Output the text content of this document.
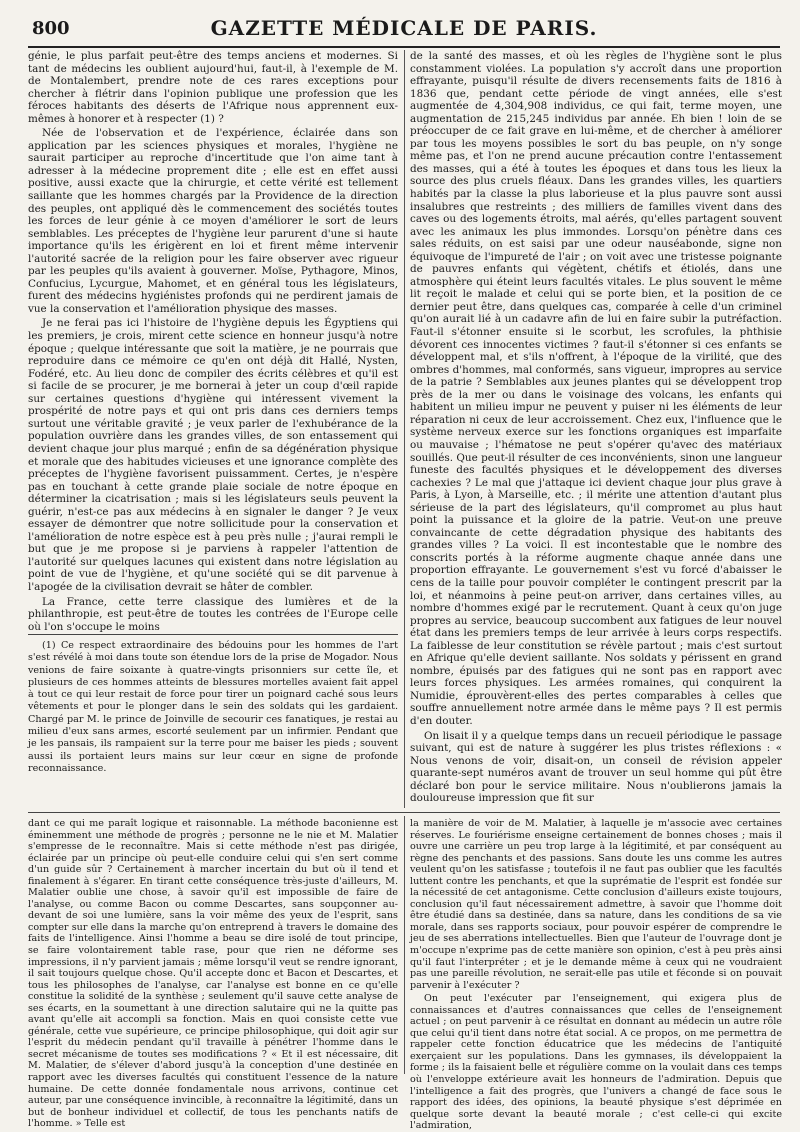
800	GAZETTE MÉDICALE DE PARIS.

génie, le plus parfait peut-être des temps anciens et modernes. Si tant de médecins les oublient aujourd'hui, faut-il, à l'exemple de M. de Montalembert, prendre note de ces rares exceptions pour chercher à flétrir dans l'opinion publique une profession que les féroces habitants des déserts de l'Afrique nous apprennent eux-mêmes à honorer et à respecter (1) ?

Née de l'observation et de l'expérience, éclairée dans son application par les sciences physiques et morales, l'hygiène ne saurait participer au reproche d'incertitude que l'on aime tant à adresser à la médecine proprement dite ; elle est en effet aussi positive, aussi exacte que la chirurgie, et cette vérité est tellement saillante que les hommes chargés par la Providence de la direction des peuples, ont appliqué dès le commencement des sociétés toutes les forces de leur génie à ce moyen d'améliorer le sort de leurs semblables. Les préceptes de l'hygiène leur parurent d'une si haute importance qu'ils les érigèrent en loi et firent même intervenir l'autorité sacrée de la religion pour les faire observer avec rigueur par les peuples qu'ils avaient à gouverner. Moïse, Pythagore, Minos, Confucius, Lycurgue, Mahomet, et en général tous les législateurs, furent des médecins hygiénistes profonds qui ne perdirent jamais de vue la conservation et l'amélioration physique des masses.

Je ne ferai pas ici l'histoire de l'hygiène depuis les Égyptiens qui les premiers, je crois, mirent cette science en honneur jusqu'à notre époque ; quelque intéressante que soit la matière, je ne pourrais que reproduire dans ce mémoire ce qu'en ont déjà dit Hallé, Nysten, Fodéré, etc. Au lieu donc de compiler des écrits célèbres et qu'il est si facile de se procurer, je me bornerai à jeter un coup d'œil rapide sur certaines questions d'hygiène qui intéressent vivement la prospérité de notre pays et qui ont pris dans ces derniers temps surtout une véritable gravité ; je veux parler de l'exhubérance de la population ouvrière dans les grandes villes, de son entassement qui devient chaque jour plus marqué ; enfin de sa dégénération physique et morale que des habitudes vicieuses et une ignorance complète des préceptes de l'hygiène favorisent puissamment. Certes, je n'espère pas en touchant à cette grande plaie sociale de notre époque en déterminer la cicatrisation ; mais si les législateurs seuls peuvent la guérir, n'est-ce pas aux médecins à en signaler le danger ? Je veux essayer de démontrer que notre sollicitude pour la conservation et l'amélioration de notre espèce est à peu près nulle ; j'aurai rempli le but que je me propose si je parviens à rappeler l'attention de l'autorité sur quelques lacunes qui existent dans notre législation au point de vue de l'hygiène, et qu'une société qui se dit parvenue à l'apogée de la civilisation devrait se hâter de combler.

La France, cette terre classique des lumières et de la philanthropie, est peut-être de toutes les contrées de l'Europe celle où l'on s'occupe le moins

(1) Ce respect extraordinaire des bédouins pour les hommes de l'art s'est révélé à moi dans toute son étendue lors de la prise de Mogador. Nous venions de faire soixante à quatre-vingts prisonniers sur cette île, et plusieurs de ces hommes atteints de blessures mortelles avaient fait appel à tout ce qui leur restait de force pour tirer un poignard caché sous leurs vêtements et pour le plonger dans le sein des soldats qui les gardaient. Chargé par M. le prince de Joinville de secourir ces fanatiques, je restai au milieu d'eux sans armes, escorté seulement par un infirmier. Pendant que je les pansais, ils rampaient sur la terre pour me baiser les pieds ; souvent aussi ils portaient leurs mains sur leur cœur en signe de profonde reconnaissance.

de la santé des masses, et où les règles de l'hygiène sont le plus constamment violées. La population s'y accroît dans une proportion effrayante, puisqu'il résulte de divers recensements faits de 1816 à 1836 que, pendant cette période de vingt années, elle s'est augmentée de 4,304,908 individus, ce qui fait, terme moyen, une augmentation de 215,245 individus par année. Eh bien ! loin de se préoccuper de ce fait grave en lui-même, et de chercher à améliorer par tous les moyens possibles le sort du bas peuple, on n'y songe même pas, et l'on ne prend aucune précaution contre l'entassement des masses, qui a été à toutes les époques et dans tous les lieux la source des plus cruels fléaux. Dans les grandes villes, les quartiers habités par la classe la plus laborieuse et la plus pauvre sont aussi insalubres que restreints ; des milliers de familles vivent dans des caves ou des logements étroits, mal aérés, qu'elles partagent souvent avec les animaux les plus immondes. Lorsqu'on pénètre dans ces sales réduits, on est saisi par une odeur nauséabonde, signe non équivoque de l'impureté de l'air ; on voit avec une tristesse poignante de pauvres enfants qui végètent, chétifs et étiolés, dans une atmosphère qui éteint leurs facultés vitales. Le plus souvent le même lit reçoit le malade et celui qui se porte bien, et la position de ce dernier peut être, dans quelques cas, comparée à celle d'un criminel qu'on aurait lié à un cadavre afin de lui en faire subir la putréfaction. Faut-il s'étonner ensuite si le scorbut, les scrofules, la phthisie dévorent ces innocentes victimes ? faut-il s'étonner si ces enfants se développent mal, et s'ils n'offrent, à l'époque de la virilité, que des ombres d'hommes, mal conformés, sans vigueur, impropres au service de la patrie ? Semblables aux jeunes plantes qui se développent trop près de la mer ou dans le voisinage des volcans, les enfants qui habitent un milieu impur ne peuvent y puiser ni les éléments de leur réparation ni ceux de leur accroissement. Chez eux, l'influence que le système nerveux exerce sur les fonctions organiques est imparfaite ou mauvaise ; l'hématose ne peut s'opérer qu'avec des matériaux souillés. Que peut-il résulter de ces inconvénients, sinon une langueur funeste des facultés physiques et le développement des diverses cachexies ? Le mal que j'attaque ici devient chaque jour plus grave à Paris, à Lyon, à Marseille, etc. ; il mérite une attention d'autant plus sérieuse de la part des législateurs, qu'il compromet au plus haut point la puissance et la gloire de la patrie. Veut-on une preuve convaincante de cette dégradation physique des habitants des grandes villes ? La voici. Il est incontestable que le nombre des conscrits portés à la réforme augmente chaque année dans une proportion effrayante. Le gouvernement s'est vu forcé d'abaisser le cens de la taille pour pouvoir compléter le contingent prescrit par la loi, et néanmoins à peine peut-on arriver, dans certaines villes, au nombre d'hommes exigé par le recrutement. Quant à ceux qu'on juge propres au service, beaucoup succombent aux fatigues de leur nouvel état dans les premiers temps de leur arrivée à leurs corps respectifs. La faiblesse de leur constitution se révèle partout ; mais c'est surtout en Afrique qu'elle devient saillante. Nos soldats y périssent en grand nombre, épuisés par des fatigues qui ne sont pas en rapport avec leurs forces physiques. Les armées romaines, qui conquirent la Numidie, éprouvèrent-elles des pertes comparables à celles que souffre annuellement notre armée dans le même pays ? Il est permis d'en douter.

On lisait il y a quelque temps dans un recueil périodique le passage suivant, qui est de nature à suggérer les plus tristes réflexions : « Nous venons de voir, disait-on, un conseil de révision appeler quarante-sept numéros avant de trouver un seul homme qui pût être déclaré bon pour le service militaire. Nous n'oublierons jamais la douloureuse impression que fit sur

dant ce qui me paraît logique et raisonnable. La méthode baconienne est éminemment une méthode de progrès ; personne ne le nie et M. Malatier s'empresse de le reconnaître. Mais si cette méthode n'est pas dirigée, éclairée par un principe où peut-elle conduire celui qui s'en sert comme d'un guide sûr ? Certainement à marcher incertain du but où il tend et finalement à s'égarer. En tirant cette conséquence très-juste d'ailleurs, M. Malatier oublie une chose, à savoir qu'il est impossible de faire de l'analyse, ou comme Bacon ou comme Descartes, sans soupçonner au-devant de soi une lumière, sans la voir même des yeux de l'esprit, sans compter sur elle dans la marche qu'on entreprend à travers le domaine des faits de l'intelligence. Ainsi l'homme a beau se dire isolé de tout principe, se faire volontairement table rase, pour que rien ne déforme ses impressions, il n'y parvient jamais ; même lorsqu'il veut se rendre ignorant, il sait toujours quelque chose. Qu'il accepte donc et Bacon et Descartes, et tous les philosophes de l'analyse, car l'analyse est bonne en ce qu'elle constitue la solidité de la synthèse ; seulement qu'il sauve cette analyse de ses écarts, en la soumettant à une direction salutaire qui ne la quitte pas avant qu'elle ait accompli sa fonction. Mais en quoi consiste cette vue générale, cette vue supérieure, ce principe philosophique, qui doit agir sur l'esprit du médecin pendant qu'il travaille à pénétrer l'homme dans le secret mécanisme de toutes ses modifications ? « Et il est nécessaire, dit M. Malatier, de s'élever d'abord jusqu'à la conception d'une destinée en rapport avec les diverses facultés qui constituent l'essence de la nature humaine. De cette donnée fondamentale nous arrivons, continue cet auteur, par une conséquence invincible, à reconnaître la légitimité, dans un but de bonheur individuel et collectif, de tous les penchants natifs de l'homme. » Telle est

la manière de voir de M. Malatier, à laquelle je m'associe avec certaines réserves. Le fouriérisme enseigne certainement de bonnes choses ; mais il ouvre une carrière un peu trop large à la légitimité, et par conséquent au règne des penchants et des passions. Sans doute les uns comme les autres veulent qu'on les satisfasse ; toutefois il ne faut pas oublier que les facultés luttent contre les penchants, et que la suprématie de l'esprit est fondée sur la nécessité de cet antagonisme. Cette conclusion d'ailleurs existe toujours, conclusion qu'il faut nécessairement admettre, à savoir que l'homme doit être étudié dans sa destinée, dans sa nature, dans les conditions de sa vie morale, dans ses rapports sociaux, pour pouvoir espérer de comprendre le jeu de ses aberrations intellectuelles. Bien que l'auteur de l'ouvrage dont je m'occupe n'exprime pas de cette manière son opinion, c'est à peu près ainsi qu'il faut l'interpréter ; et je le demande même à ceux qui ne voudraient pas une pareille révolution, ne serait-elle pas utile et féconde si on pouvait parvenir à l'exécuter ?

On peut l'exécuter par l'enseignement, qui exigera plus de connaissances et d'autres connaissances que celles de l'enseignement actuel ; on peut parvenir à ce résultat en donnant au médecin un autre rôle que celui qu'il tient dans notre état social. A ce propos, on me permettra de rappeler cette fonction éducatrice que les médecins de l'antiquité exerçaient sur les populations. Dans les gymnases, ils développaient la forme ; ils la faisaient belle et régulière comme on la voulait dans ces temps où l'enveloppe extérieure avait les honneurs de l'admiration. Depuis que l'intelligence a fait des progrès, que l'univers a changé de face sous le rapport des idées, des opinions, la beauté physique s'est déprimée en quelque sorte devant la beauté morale ; c'est celle-ci qui excite l'admiration,
